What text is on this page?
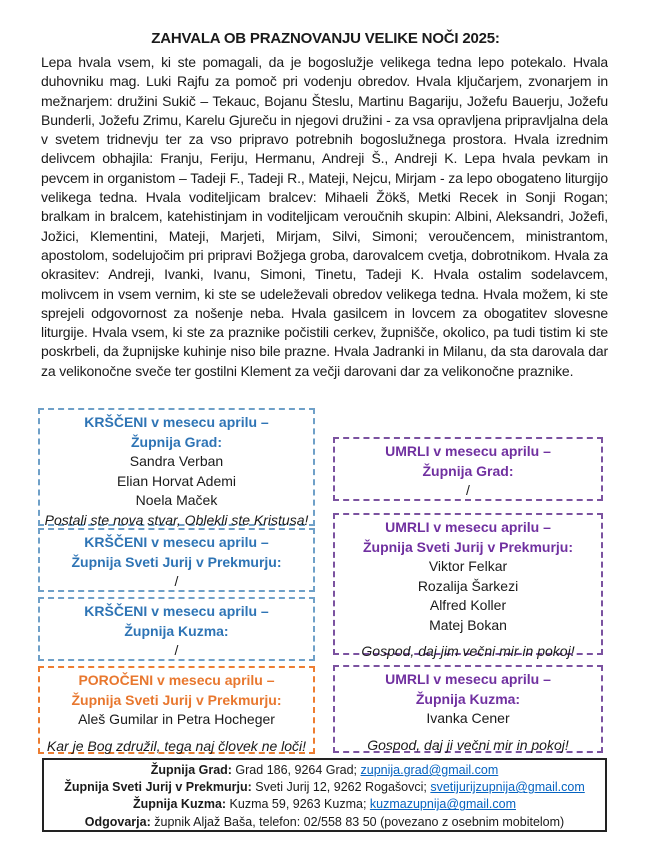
ZAHVALA OB PRAZNOVANJU VELIKE NOČI 2025:

Lepa hvala vsem, ki ste pomagali, da je bogoslužje velikega tedna lepo potekalo. Hvala duhovniku mag. Luki Rajfu za pomoč pri vodenju obredov. Hvala ključarjem, zvonarjem in mežnarjem: družini Sukič – Tekauc, Bojanu Šteslu, Martinu Bagariju, Jožefu Bauerju, Jožefu Bunderli, Jožefu Zrimu, Karelu Gjureču in njegovi družini - za vsa opravljena pripravljalna dela v svetem tridnevju ter za vso pripravo potrebnih bogoslužnega prostora. Hvala izrednim delivcem obhajila: Franju, Feriju, Hermanu, Andreji Š., Andreji K. Lepa hvala pevkam in pevcem in organistom – Tadeji F., Tadeji R., Mateji, Nejcu, Mirjam - za lepo obogateno liturgijo velikega tedna. Hvala voditeljicam bralcev: Mihaeli Žökš, Metki Recek in Sonji Rogan; bralkam in bralcem, katehistinjam in voditeljicam veroučnih skupin: Albini, Aleksandri, Jožefi, Jožici, Klementini, Mateji, Marjeti, Mirjam, Silvi, Simoni; veroučencem, ministrantom, apostolom, sodelujočim pri pripravi Božjega groba, darovalcem cvetja, dobrotnikom. Hvala za okrasitev: Andreji, Ivanki, Ivanu, Simoni, Tinetu, Tadeji K. Hvala ostalim sodelavcem, molivcem in vsem vernim, ki ste se udeleževali obredov velikega tedna. Hvala možem, ki ste sprejeli odgovornost za nošenje neba. Hvala gasilcem in lovcem za obogatitev slovesne liturgije. Hvala vsem, ki ste za praznike počistili cerkev, župnišče, okolico, pa tudi tistim ki ste poskrbeli, da župnijske kuhinje niso bile prazne. Hvala Jadranki in Milanu, da sta darovala dar za velikonočne sveče ter gostilni Klement za večji darovani dar za velikonočne praznike.

KRŠČENI v mesecu aprilu –
Župnija Grad:
Sandra Verban
Elian Horvat Ademi
Noela Maček
Postali ste nova stvar, Oblekli ste Kristusa!
KRŠČENI v mesecu aprilu –
Župnija Sveti Jurij v Prekmurju:
/
KRŠČENI v mesecu aprilu –
Župnija Kuzma:
/
POROČENI v mesecu aprilu –
Župnija Sveti Jurij v Prekmurju:
Aleš Gumilar in Petra Hocheger
Kar je Bog združil, tega naj človek ne loči!
UMRLI v mesecu aprilu –
Župnija Grad:
/
UMRLI v mesecu aprilu –
Župnija Sveti Jurij v Prekmurju:
Viktor Felkar
Rozalija Šarkezi
Alfred Koller
Matej Bokan
Gospod, daj jim večni mir in pokoj!
UMRLI v mesecu aprilu –
Župnija Kuzma:
Ivanka Cener
Gospod, daj ji večni mir in pokoj!
Župnija Grad: Grad 186, 9264 Grad; zupnija.grad@gmail.com
Župnija Sveti Jurij v Prekmurju: Sveti Jurij 12, 9262 Rogašovci; svetijurijzupnija@gmail.com
Župnija Kuzma: Kuzma 59, 9263 Kuzma; kuzmazupnija@gmail.com
Odgovarja: župnik Aljaž Baša, telefon: 02/558 83 50 (povezano z osebnim mobitelom)
